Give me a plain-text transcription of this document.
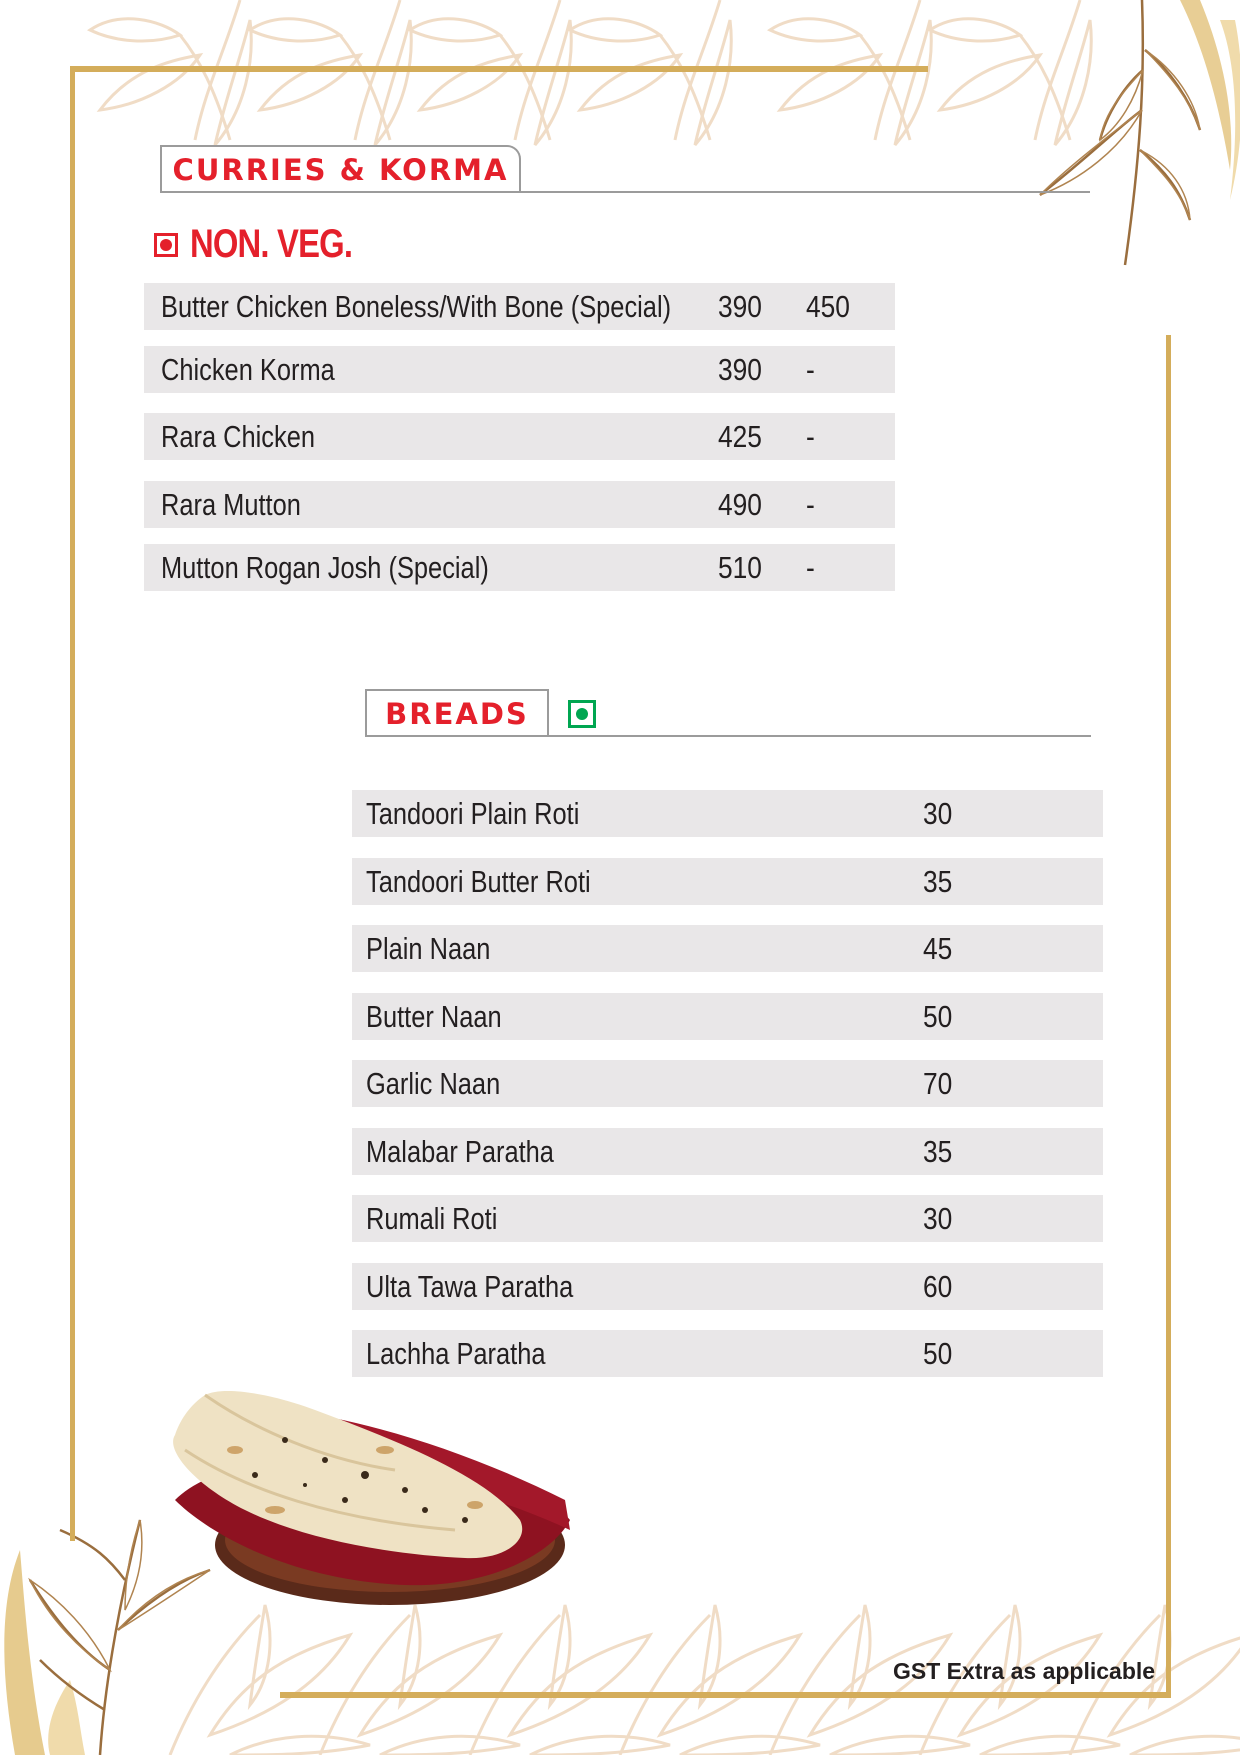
CURRIES & KORMA
NON. VEG.
Butter Chicken Boneless/With Bone (Special) 390 450
Chicken Korma	390 -
Rara Chicken	425 -
Rara Mutton	490 -
Mutton Rogan Josh (Special)	510 -
BREADS
Tandoori Plain Roti	30
Tandoori Butter Roti	35
Plain Naan	45
Butter Naan	50
Garlic Naan	70
Malabar Paratha	35
Rumali Roti	30
Ulta Tawa Paratha	60
Lachha Paratha	50
GST Extra as applicable
